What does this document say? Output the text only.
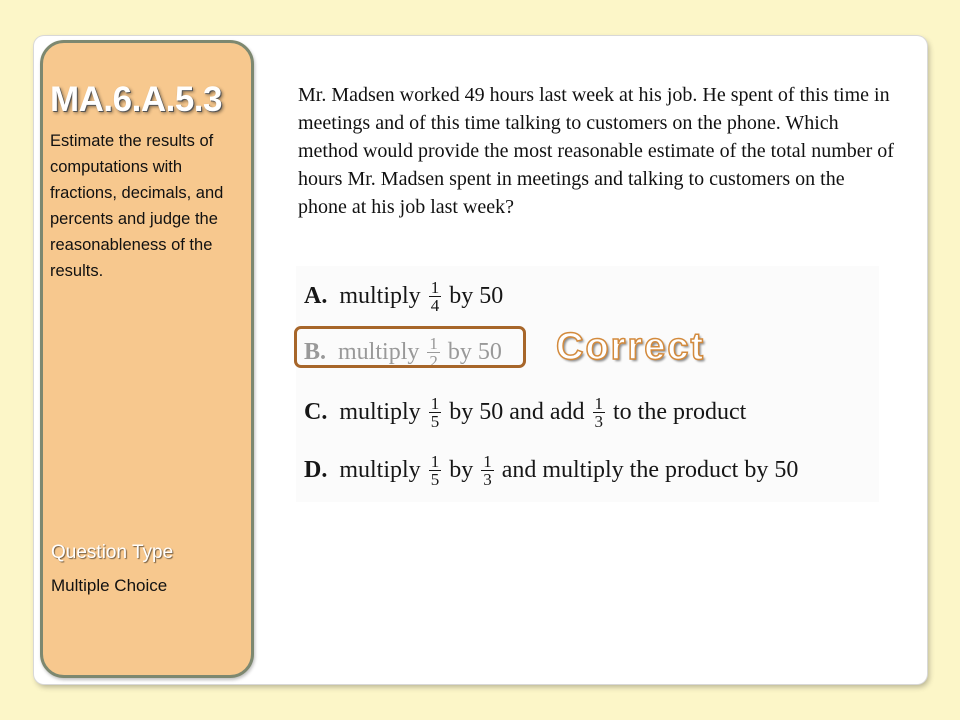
MA.6.A.5.3
Estimate the results of computations with fractions, decimals, and percents and judge the reasonableness of the results.
Question Type
Multiple Choice
Mr. Madsen worked 49 hours last week at his job. He spent of this time in meetings and of this time talking to customers on the phone. Which method would provide the most reasonable estimate of the total number of hours Mr. Madsen spent in meetings and talking to customers on the phone at his job last week?
A. multiply $\frac{1}{4}$ by 50
B. multiply $\frac{1}{2}$ by 50
C. multiply $\frac{1}{5}$ by 50 and add $\frac{1}{3}$ to the product
D. multiply $\frac{1}{5}$ by $\frac{1}{3}$ and multiply the product by 50
Correct
